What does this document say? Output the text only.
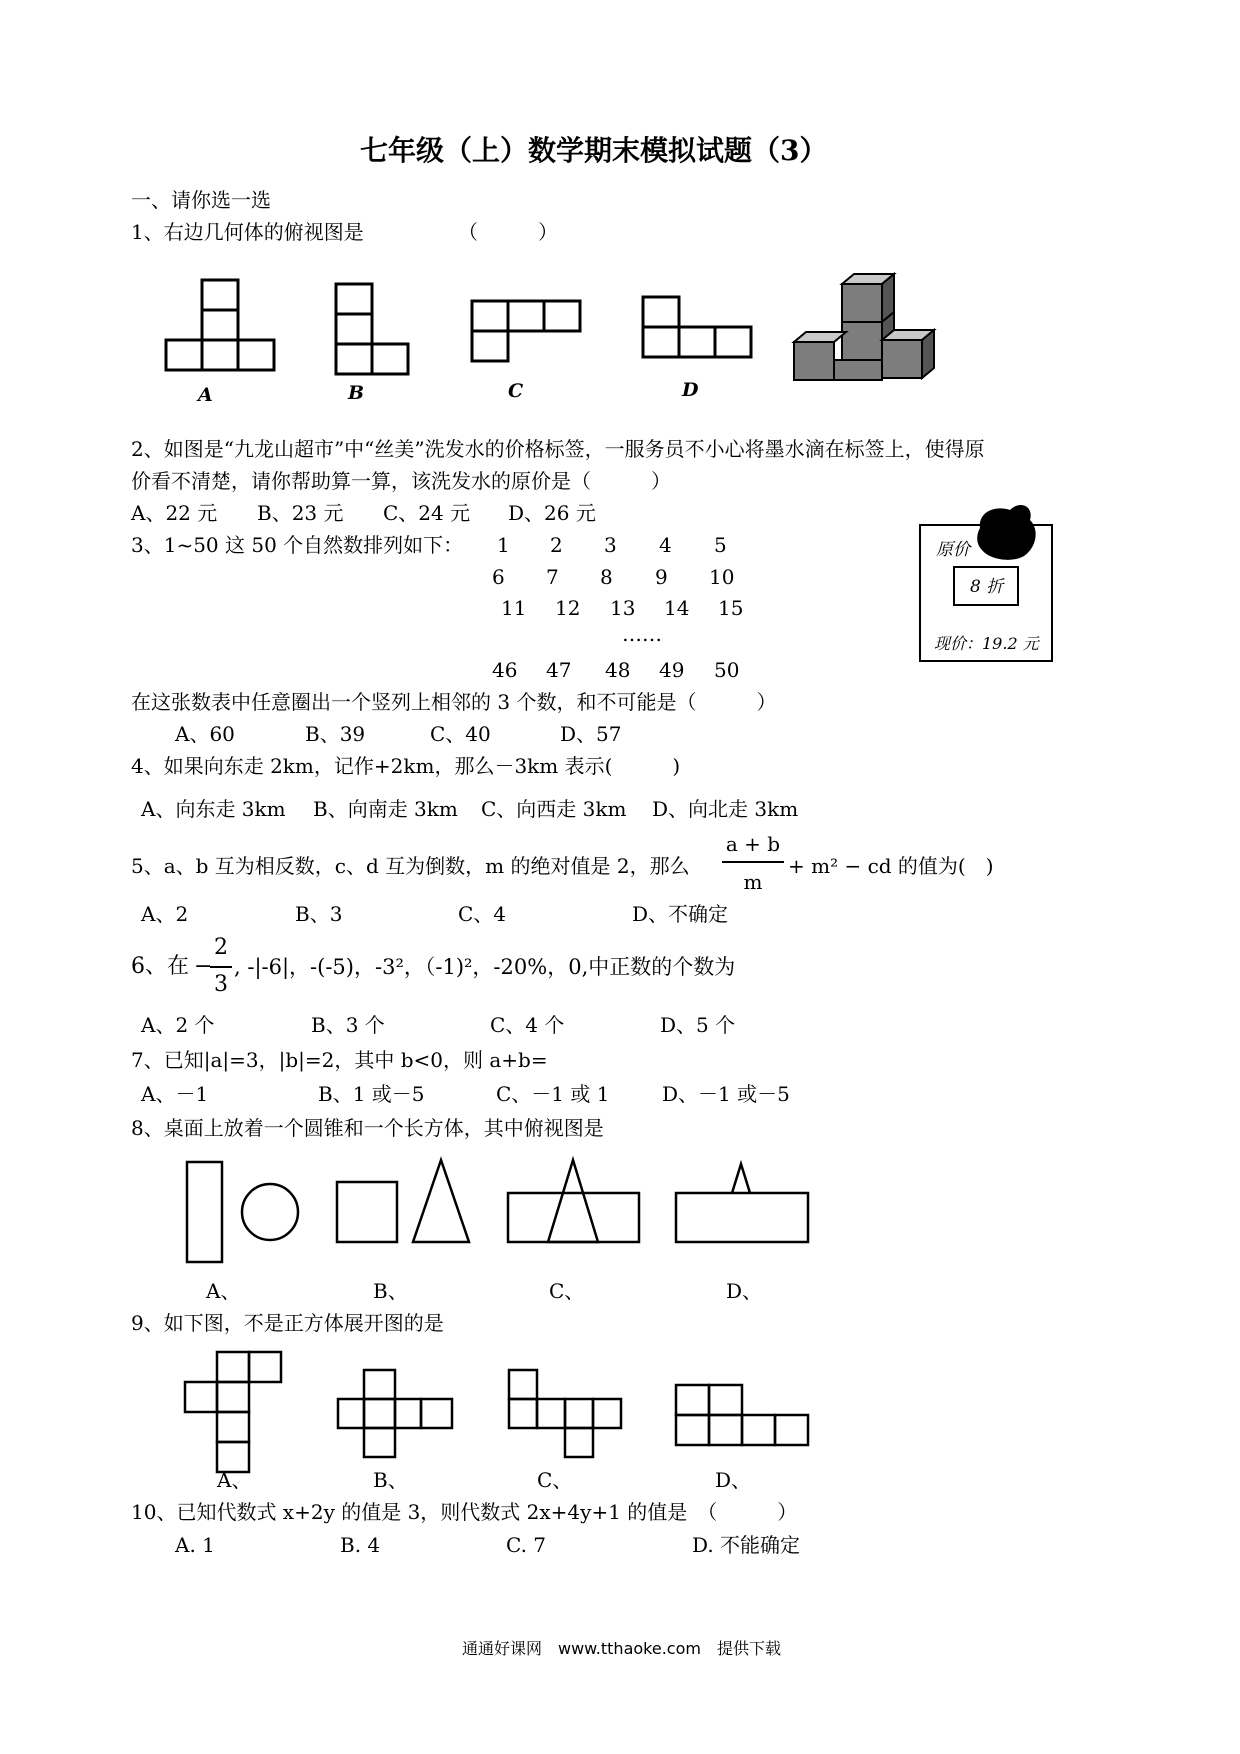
七年级（上）数学期末模拟试题（3）
一、请你选一选
1、右边几何体的俯视图是	（　　　）
A	B	C	D
2、如图是“九龙山超市”中“丝美”洗发水的价格标签，一服务员不小心将墨水滴在标签上，使得原
价看不清楚，请你帮助算一算，该洗发水的原价是（　　　）
A、22 元 B、23 元 C、24 元 D、26 元
原价
8 折
现价：19.2 元
3、1~50 这 50 个自然数排列如下： 1 2 3 4 5
6 7 8 9 10
11 12 13 14 15
……
46 47 48 49 50
在这张数表中任意圈出一个竖列上相邻的 3 个数，和不可能是（　　　）
A、60	B、39	C、40	D、57
4、如果向东走 2km，记作+2km，那么－3km 表示(　　　)
A、向东走 3km B、向南走 3km C、向西走 3km D、向北走 3km
5、a、b 互为相反数，c、d 互为倒数，m 的绝对值是 2，那么
a + b
m
+ m² − cd 的值为(　)
A、2	B、3	C、4	D、不确定
6、在 −
2
3
, -|-6|，-(-5)，-3²，（-1)²，-20%，0,中正数的个数为
A、2 个	B、3 个	C、4 个	D、5 个
7、已知|a|=3，|b|=2，其中 b<0，则 a+b=
A、－1	B、1 或－5	C、－1 或 1	D、－1 或－5
8、桌面上放着一个圆锥和一个长方体，其中俯视图是
A、	B、	C、	D、
9、如下图，不是正方体展开图的是
A、	B、	C、	D、
10、已知代数式 x+2y 的值是 3，则代数式 2x+4y+1 的值是　（　　　）
A. 1	B. 4	C. 7	D. 不能确定
通通好课网　www.tthaoke.com　提供下载
